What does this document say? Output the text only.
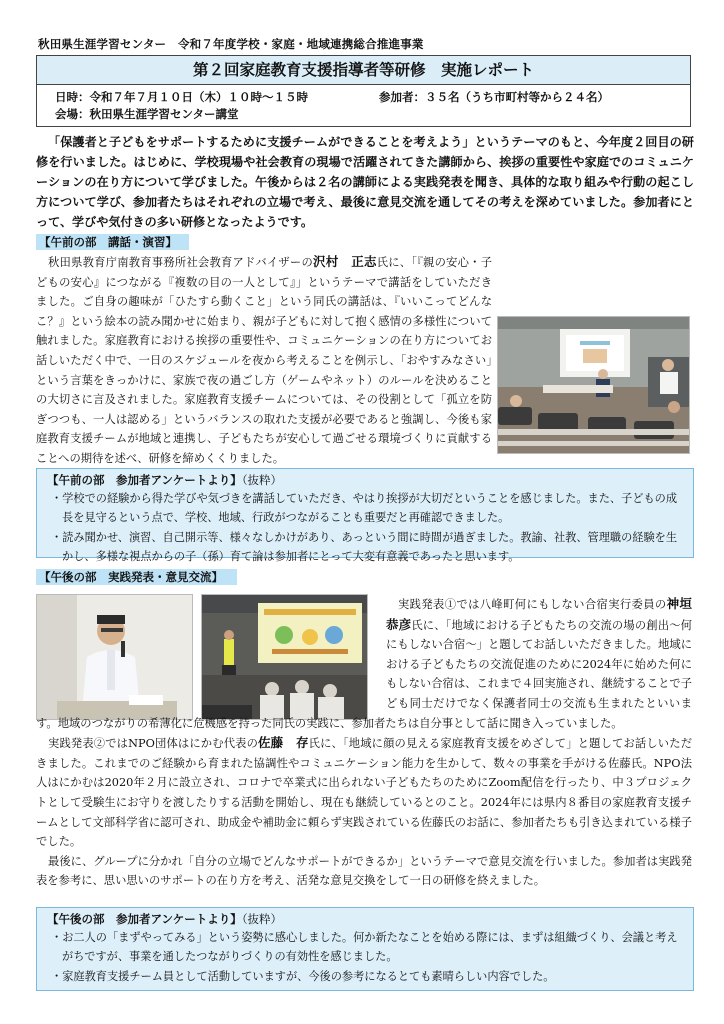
秋田県生涯学習センター　令和７年度学校・家庭・地域連携総合推進事業
第２回家庭教育支援指導者等研修　実施レポート
日時：令和７年７月１０日（木）１０時～１５時	参加者：３５名（うち市町村等から２４名）
会場：秋田県生涯学習センター講堂
「保護者と子どもをサポートするために支援チームができることを考えよう」というテーマのもと、今年度２回目の研修を行いました。はじめに、学校現場や社会教育の現場で活躍されてきた講師から、挨拶の重要性や家庭でのコミュニケーションの在り方について学びました。午後からは２名の講師による実践発表を聞き、具体的な取り組みや行動の起こし方について学び、参加者たちはそれぞれの立場で考え、最後に意見交流を通してその考えを深めていました。参加者にとって、学びや気付きの多い研修となったようです。
【午前の部　講話・演習】

秋田県教育庁南教育事務所社会教育アドバイザーの沢村　正志氏に、「『親の安心・子どもの安心』につながる『複数の目の一人として』」というテーマで講話をしていただきました。ご自身の趣味が「ひたすら動くこと」という同氏の講話は、『いいこってどんなこ？』という絵本の読み聞かせに始まり、親が子どもに対して抱く感情の多様性について触れました。家庭教育における挨拶の重要性や、コミュニケーションの在り方についてお話しいただく中で、一日のスケジュールを夜から考えることを例示し、「おやすみなさい」という言葉をきっかけに、家族で夜の過ごし方（ゲームやネット）のルールを決めることの大切さに言及されました。家庭教育支援チームについては、その役割として「孤立を防ぎつつも、一人は認める」というバランスの取れた支援が必要であると強調し、今後も家庭教育支援チームが地域と連携し、子どもたちが安心して過ごせる環境づくりに貢献することへの期待を述べ、研修を締めくくりました。

【午前の部　参加者アンケートより】（抜粋）
・学校での経験から得た学びや気づきを講話していただき、やはり挨拶が大切だということを感じました。また、子どもの成長を見守るという点で、学校、地域、行政がつながることも重要だと再確認できました。
・読み聞かせ、演習、自己開示等、様々なしかけがあり、あっという間に時間が過ぎました。教諭、社教、管理職の経験を生かし、多様な視点からの子（孫）育て論は参加者にとって大変有意義であったと思います。
【午後の部　実践発表・意見交流】

実践発表①では八峰町何にもしない合宿実行委員の神垣　恭彦氏に、「地域における子どもたちの交流の場の創出～何にもしない合宿～」と題してお話しいただきました。地域における子どもたちの交流促進のために2024年に始めた何にもしない合宿は、これまで４回実施され、継続することで子ども同士だけでなく保護者同士の交流も生まれたといいます。地域のつながりの希薄化に危機感を持った同氏の実践に、参加者たちは自分事として話に聞き入っていました。

実践発表②ではNPO団体はにかむ代表の佐藤　存氏に、「地域に顔の見える家庭教育支援をめざして」と題してお話しいただきました。これまでのご経験から育まれた協調性やコミュニケーション能力を生かして、数々の事業を手がける佐藤氏。NPO法人はにかむは2020年２月に設立され、コロナで卒業式に出られない子どもたちのためにZoom配信を行ったり、中３プロジェクトとして受験生にお守りを渡したりする活動を開始し、現在も継続しているとのこと。2024年には県内８番目の家庭教育支援チームとして文部科学省に認可され、助成金や補助金に頼らず実践されている佐藤氏のお話に、参加者たちも引き込まれている様子でした。

最後に、グループに分かれ「自分の立場でどんなサポートができるか」というテーマで意見交流を行いました。参加者は実践発表を参考に、思い思いのサポートの在り方を考え、活発な意見交換をして一日の研修を終えました。

【午後の部　参加者アンケートより】（抜粋）
・お二人の「まずやってみる」という姿勢に感心しました。何か新たなことを始める際には、まずは組織づくり、会議と考えがちですが、事業を通したつながりづくりの有効性を感じました。
・家庭教育支援チーム員として活動していますが、今後の参考になるとても素晴らしい内容でした。
